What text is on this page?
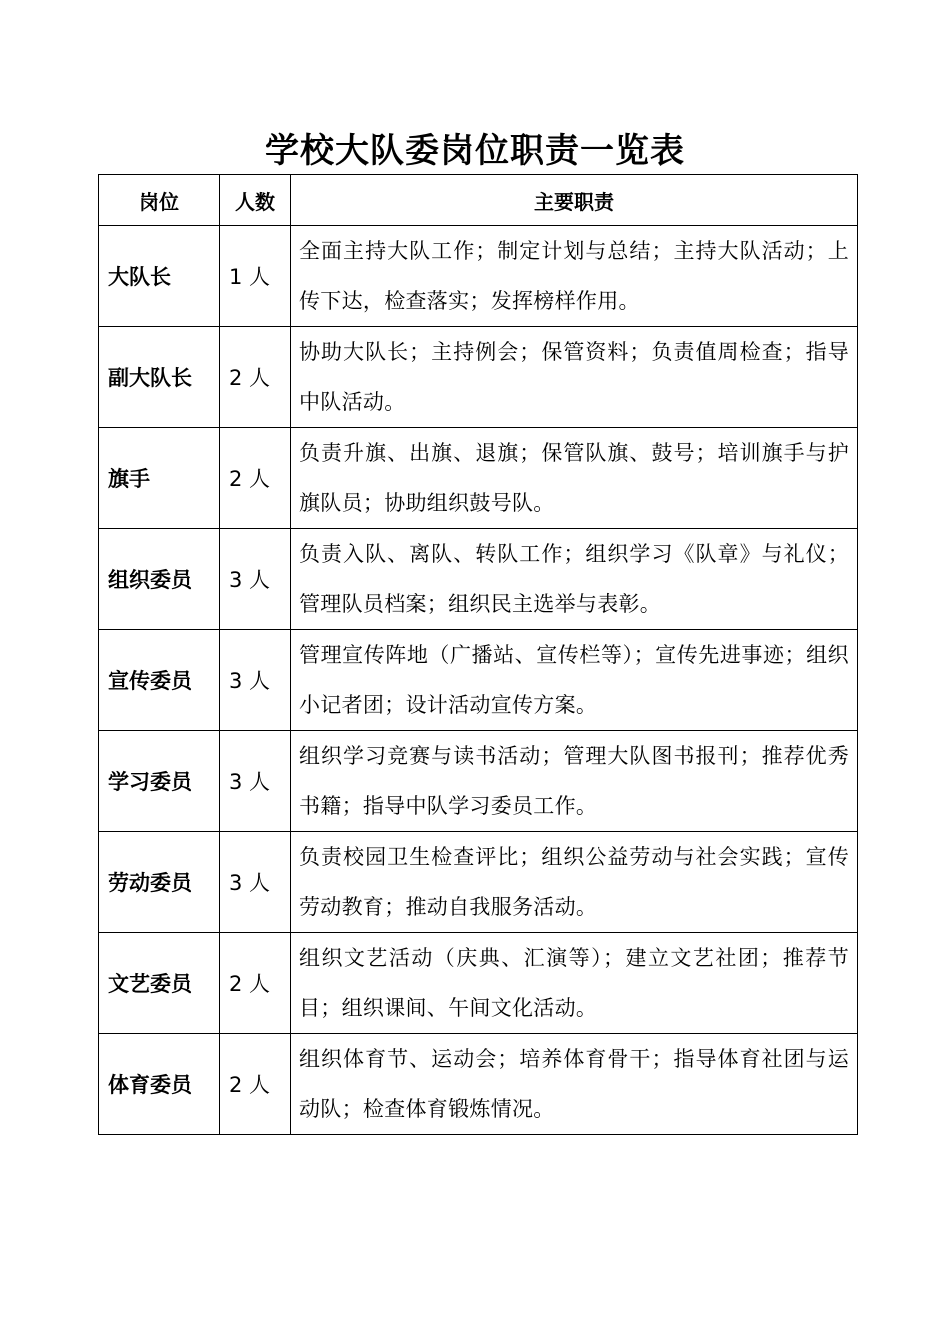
学校大队委岗位职责一览表
岗位	人数	主要职责
大队长	1 人	全面主持大队工作；制定计划与总结；主持大队活动；上传下达，检查落实；发挥榜样作用。
副大队长	2 人	协助大队长；主持例会；保管资料；负责值周检查；指导中队活动。
旗手	2 人	负责升旗、出旗、退旗；保管队旗、鼓号；培训旗手与护旗队员；协助组织鼓号队。
组织委员	3 人	负责入队、离队、转队工作；组织学习《队章》与礼仪；管理队员档案；组织民主选举与表彰。
宣传委员	3 人	管理宣传阵地（广播站、宣传栏等）；宣传先进事迹；组织小记者团；设计活动宣传方案。
学习委员	3 人	组织学习竞赛与读书活动；管理大队图书报刊；推荐优秀书籍；指导中队学习委员工作。
劳动委员	3 人	负责校园卫生检查评比；组织公益劳动与社会实践；宣传劳动教育；推动自我服务活动。
文艺委员	2 人	组织文艺活动（庆典、汇演等）；建立文艺社团；推荐节目；组织课间、午间文化活动。
体育委员	2 人	组织体育节、运动会；培养体育骨干；指导体育社团与运动队；检查体育锻炼情况。
